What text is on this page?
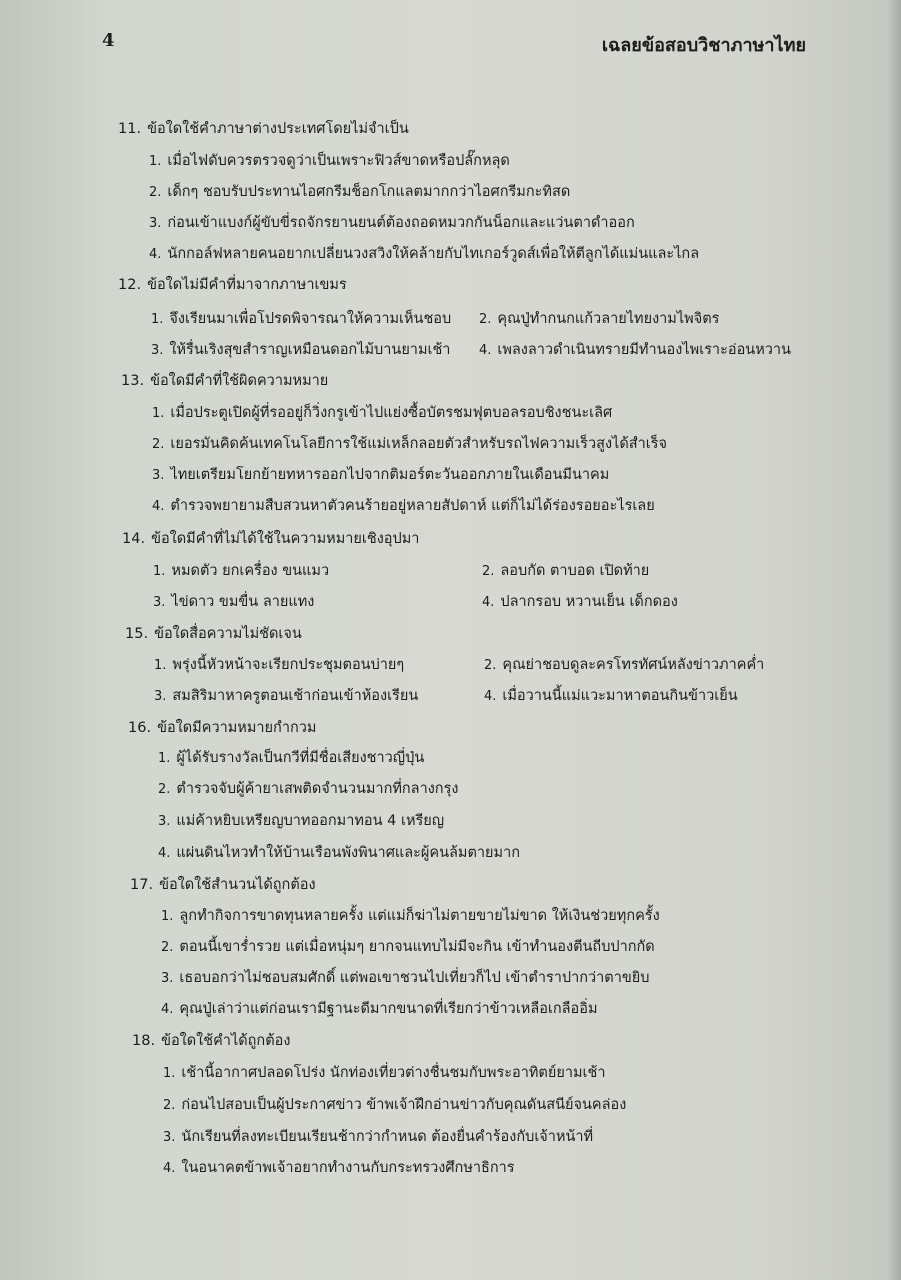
4	เฉลยข้อสอบวิชาภาษาไทย
11. ข้อใดใช้คำภาษาต่างประเทศโดยไม่จำเป็น
1. เมื่อไฟดับควรตรวจดูว่าเป็นเพราะฟิวส์ขาดหรือปลั๊กหลุด
2. เด็กๆ ชอบรับประทานไอศกรีมช็อกโกแลตมากกว่าไอศกรีมกะทิสด
3. ก่อนเข้าแบงก์ผู้ขับขี่รถจักรยานยนต์ต้องถอดหมวกกันน็อกและแว่นตาดำออก
4. นักกอล์ฟหลายคนอยากเปลี่ยนวงสวิงให้คล้ายกับไทเกอร์วูดส์เพื่อให้ตีลูกได้แม่นและไกล
12. ข้อใดไม่มีคำที่มาจากภาษาเขมร
1. จึงเรียนมาเพื่อโปรดพิจารณาให้ความเห็นชอบ 2. คุณปู่ทำกนกแก้วลายไทยงามไพจิตร
3. ให้รื่นเริงสุขสำราญเหมือนดอกไม้บานยามเช้า 4. เพลงลาวดำเนินทรายมีทำนองไพเราะอ่อนหวาน
13. ข้อใดมีคำที่ใช้ผิดความหมาย
1. เมื่อประตูเปิดผู้ที่รออยู่ก็วิ่งกรูเข้าไปแย่งซื้อบัตรชมฟุตบอลรอบชิงชนะเลิศ
2. เยอรมันคิดค้นเทคโนโลยีการใช้แม่เหล็กลอยตัวสำหรับรถไฟความเร็วสูงได้สำเร็จ
3. ไทยเตรียมโยกย้ายทหารออกไปจากติมอร์ตะวันออกภายในเดือนมีนาคม
4. ตำรวจพยายามสืบสวนหาตัวคนร้ายอยู่หลายสัปดาห์ แต่ก็ไม่ได้ร่องรอยอะไรเลย
14. ข้อใดมีคำที่ไม่ได้ใช้ในความหมายเชิงอุปมา
1. หมดตัว ยกเครื่อง ขนแมว	2. ลอบกัด ตาบอด เปิดท้าย
3. ไข่ดาว ขมขื่น ลายแทง	4. ปลากรอบ หวานเย็น เด็กดอง
15. ข้อใดสื่อความไม่ชัดเจน
1. พรุ่งนี้หัวหน้าจะเรียกประชุมตอนบ่ายๆ	2. คุณย่าชอบดูละครโทรทัศน์หลังข่าวภาคค่ำ
3. สมสิริมาหาครูตอนเช้าก่อนเข้าห้องเรียน	4. เมื่อวานนี้แม่แวะมาหาตอนกินข้าวเย็น
16. ข้อใดมีความหมายกำกวม
1. ผู้ได้รับรางวัลเป็นกวีที่มีชื่อเสียงชาวญี่ปุ่น
2. ตำรวจจับผู้ค้ายาเสพติดจำนวนมากที่กลางกรุง
3. แม่ค้าหยิบเหรียญบาทออกมาทอน 4 เหรียญ
4. แผ่นดินไหวทำให้บ้านเรือนพังพินาศและผู้คนล้มตายมาก
17. ข้อใดใช้สำนวนได้ถูกต้อง
1. ลูกทำกิจการขาดทุนหลายครั้ง แต่แม่ก็ฆ่าไม่ตายขายไม่ขาด ให้เงินช่วยทุกครั้ง
2. ตอนนี้เขาร่ำรวย แต่เมื่อหนุ่มๆ ยากจนแทบไม่มีจะกิน เข้าทำนองตีนถีบปากกัด
3. เธอบอกว่าไม่ชอบสมศักดิ์ แต่พอเขาชวนไปเที่ยวก็ไป เข้าตำราปากว่าตาขยิบ
4. คุณปู่เล่าว่าแต่ก่อนเรามีฐานะดีมากขนาดที่เรียกว่าข้าวเหลือเกลืออิ่ม
18. ข้อใดใช้คำได้ถูกต้อง
1. เช้านี้อากาศปลอดโปร่ง นักท่องเที่ยวต่างชื่นชมกับพระอาทิตย์ยามเช้า
2. ก่อนไปสอบเป็นผู้ประกาศข่าว ข้าพเจ้าฝึกอ่านข่าวกับคุณดันสนีย์จนคล่อง
3. นักเรียนที่ลงทะเบียนเรียนช้ากว่ากำหนด ต้องยื่นคำร้องกับเจ้าหน้าที่
4. ในอนาคตข้าพเจ้าอยากทำงานกับกระทรวงศึกษาธิการ
